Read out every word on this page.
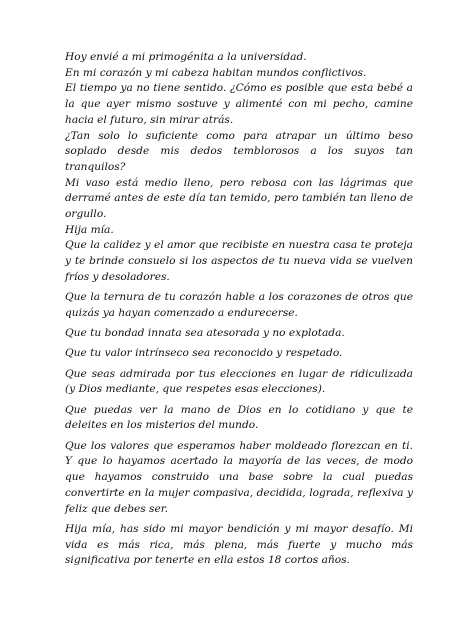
Hoy envié a mi primogénita a la universidad.

En mi corazón y mi cabeza habitan mundos conflictivos.

El tiempo ya no tiene sentido. ¿Cómo es posible que esta bebé a la que ayer mismo sostuve y alimenté con mi pecho, camine hacia el futuro, sin mirar atrás.

¿Tan solo lo suficiente como para atrapar un último beso soplado desde mis dedos temblorosos a los suyos tan tranquilos?

Mi vaso está medio lleno, pero rebosa con las lágrimas que derramé antes de este día tan temido, pero también tan lleno de orgullo.

Hija mía.

Que la calidez y el amor que recibiste en nuestra casa te proteja y te brinde consuelo si los aspectos de tu nueva vida se vuelven fríos y desoladores.

Que la ternura de tu corazón hable a los corazones de otros que quizás ya hayan comenzado a endurecerse.

Que tu bondad innata sea atesorada y no explotada.

Que tu valor intrínseco sea reconocido y respetado.

Que seas admirada por tus elecciones en lugar de ridiculizada (y Dios mediante, que respetes esas elecciones).

Que puedas ver la mano de Dios en lo cotidiano y que te deleites en los misterios del mundo.

Que los valores que esperamos haber moldeado florezcan en ti. Y que lo hayamos acertado la mayoría de las veces, de modo que hayamos construido una base sobre la cual puedas convertirte en la mujer compasiva, decidida, lograda, reflexiva y feliz que debes ser.

Hija mía, has sido mi mayor bendición y mi mayor desafío. Mi vida es más rica, más plena, más fuerte y mucho más significativa por tenerte en ella estos 18 cortos años.
